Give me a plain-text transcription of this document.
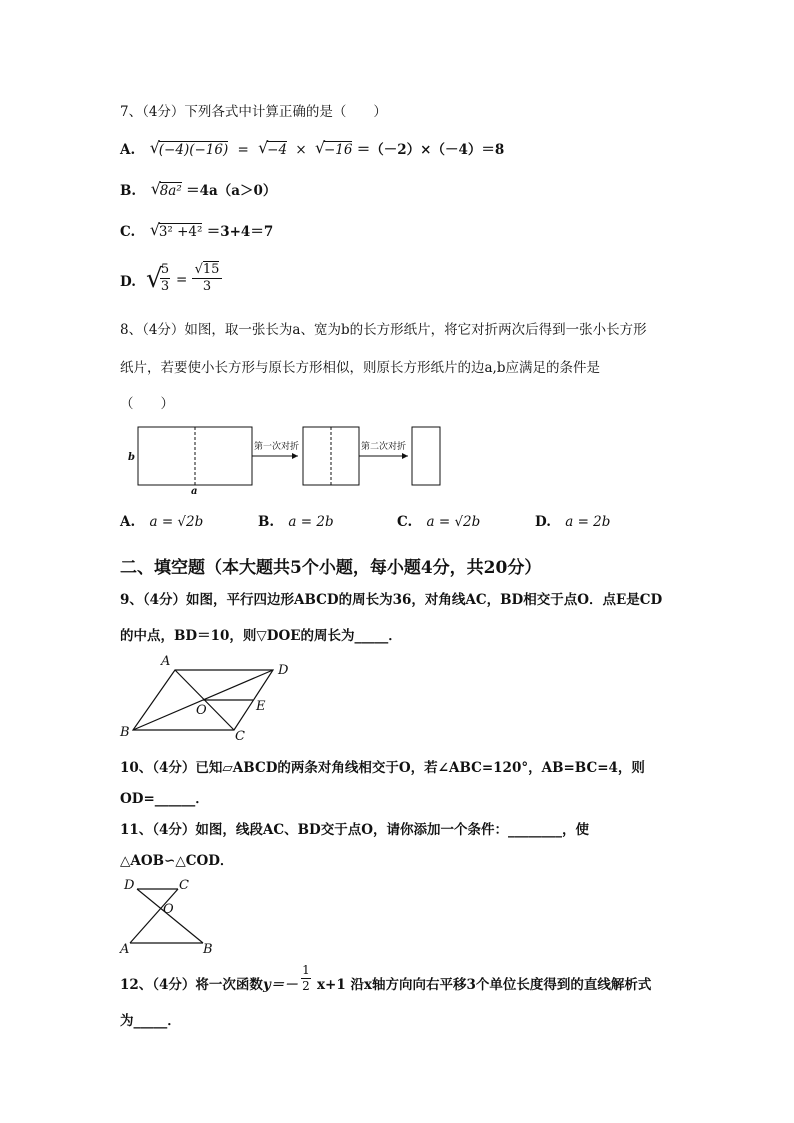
7、（4分）下列各式中计算正确的是（　　）
A. √
(−4)(−16) = √
−4 × √
−16 ＝（－2）×（－4）＝8
B. √
8a² ＝4a（a＞0）
C. √
3² +4² ＝3+4＝7
D. √
5
3 =
√15
3
8、（4分）如图，取一张长为a、宽为b的长方形纸片，将它对折两次后得到一张小长方形
纸片，若要使小长方形与原长方形相似，则原长方形纸片的边a,b应满足的条件是
（　　）
b
a
第一次对折	第二次对折
A. a = √2b	B. a = 2b	C. a = √2b	D. a = 2b
二、填空题（本大题共5个小题，每小题4分，共20分）
9、（4分）如图，平行四边形ABCD的周长为36，对角线AC，BD相交于点O．点E是CD
的中点，BD＝10，则▽DOE的周长为_____．
A
D
B	C
O	E
10、（4分）已知▱ABCD的两条对角线相交于O，若∠ABC=120°，AB=BC=4，则
OD=______．
11、（4分）如图，线段AC、BD交于点O，请你添加一个条件：________，使
△AOB∽△COD．
D	C
O
A	B
12、（4分）将一次函数y＝－
1
2 x+1 沿x轴方向向右平移3个单位长度得到的直线解析式
为_____．
